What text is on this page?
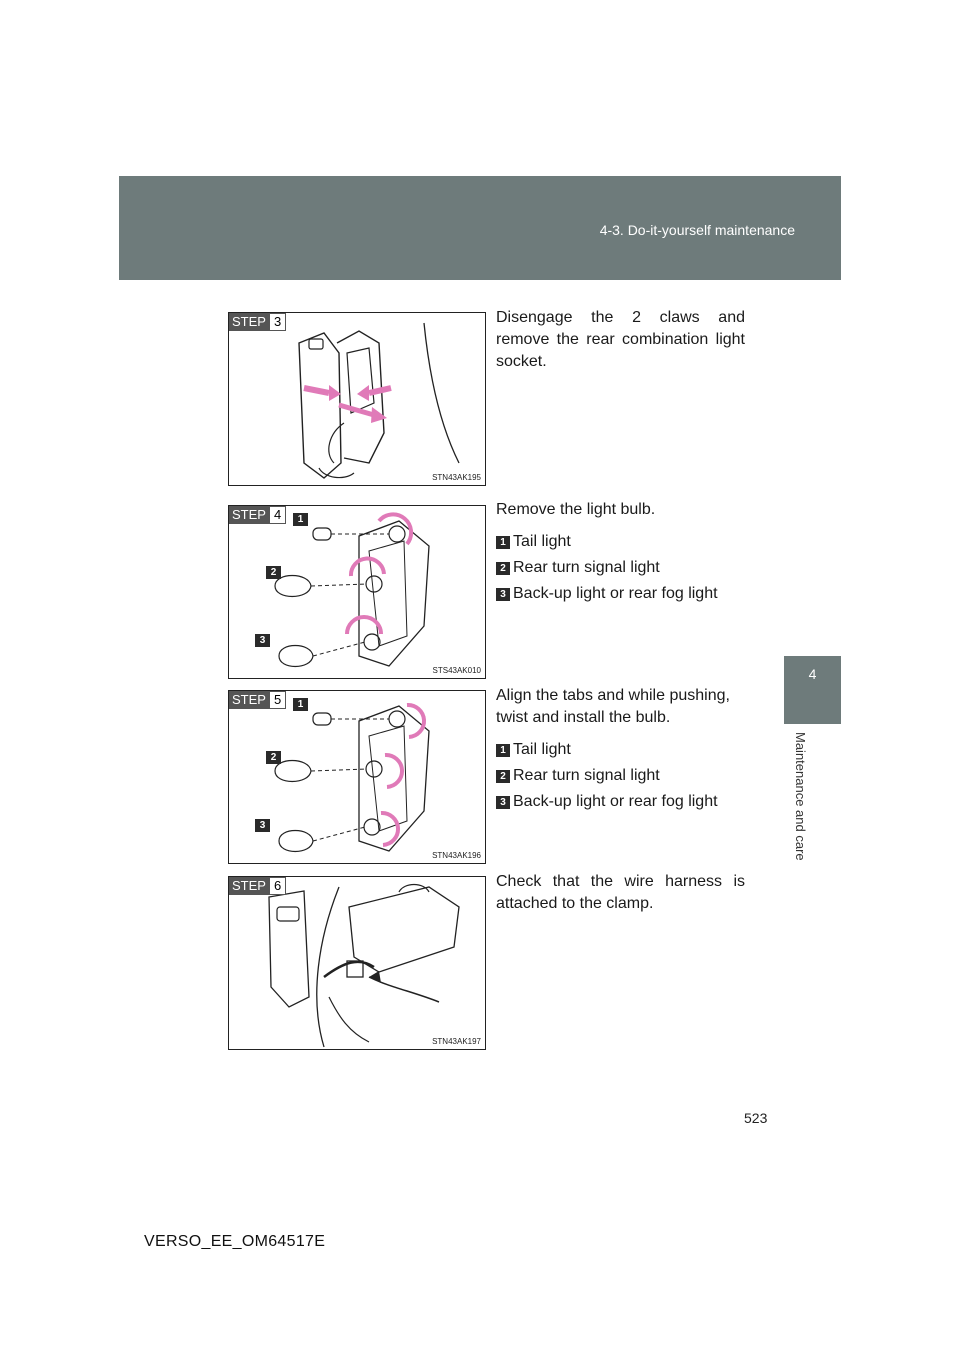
4-3. Do-it-yourself maintenance
4
Maintenance and care
STEP 3
STN43AK195
Disengage the 2 claws and remove the rear combination light socket.
STEP 4	1
2
3
STS43AK010
Remove the light bulb.
1 Tail light
2 Rear turn signal light
3 Back-up light or rear fog light
STEP 5	1
2
3
STN43AK196
Align the tabs and while pushing, twist and install the bulb.
1 Tail light
2 Rear turn signal light
3 Back-up light or rear fog light
STEP 6
STN43AK197
Check that the wire harness is attached to the clamp.
523
VERSO_EE_OM64517E
